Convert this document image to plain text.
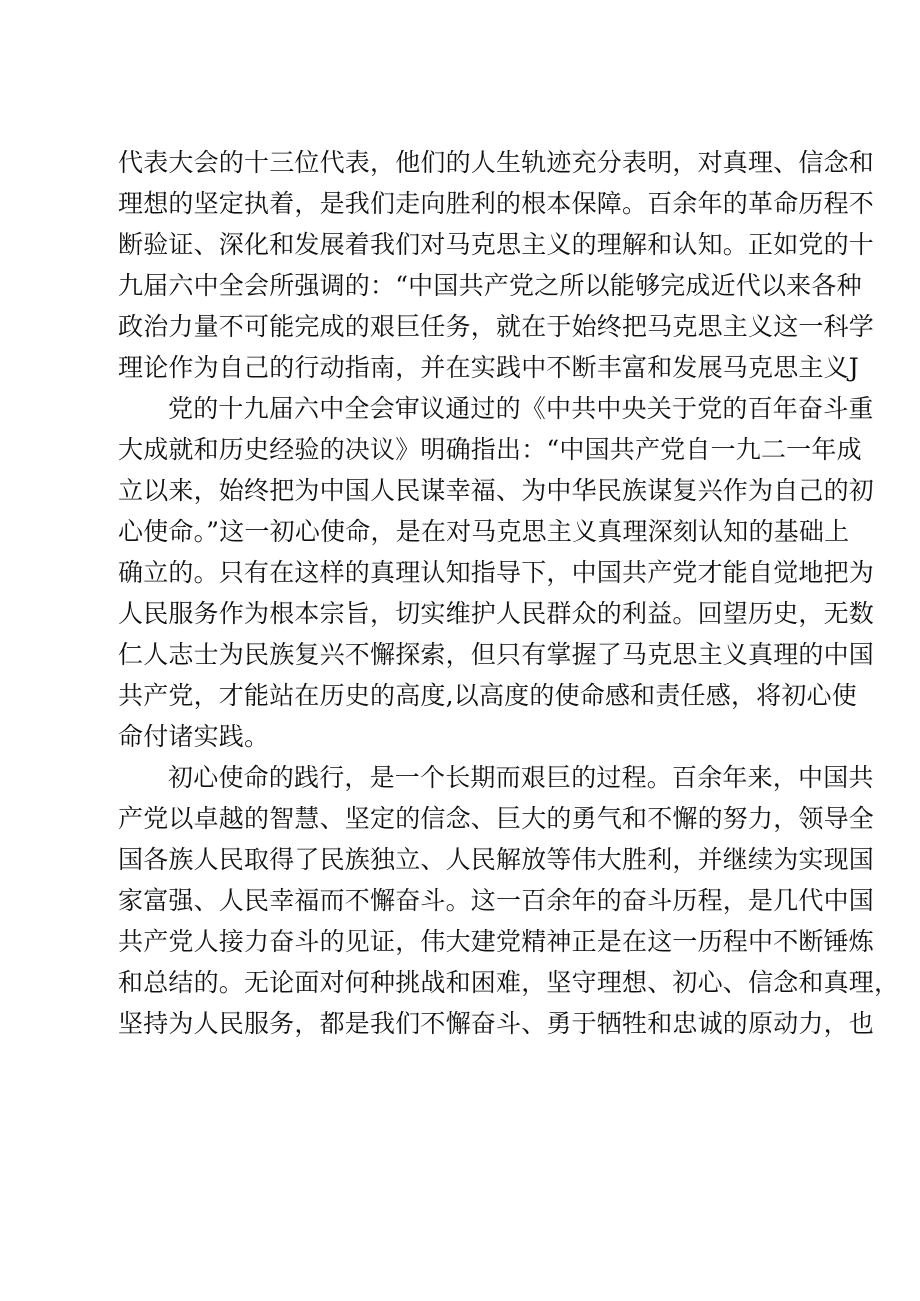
代表大会的十三位代表，他们的人生轨迹充分表明，对真理、信念和
理想的坚定执着，是我们走向胜利的根本保障。百余年的革命历程不
断验证、深化和发展着我们对马克思主义的理解和认知。正如党的十
九届六中全会所强调的：“中国共产党之所以能够完成近代以来各种
政治力量不可能完成的艰巨任务，就在于始终把马克思主义这一科学
理论作为自己的行动指南，并在实践中不断丰富和发展马克思主义J
党的十九届六中全会审议通过的《中共中央关于党的百年奋斗重
大成就和历史经验的决议》明确指出：“中国共产党自一九二一年成
立以来，始终把为中国人民谋幸福、为中华民族谋复兴作为自己的初
心使命。”这一初心使命，是在对马克思主义真理深刻认知的基础上
确立的。只有在这样的真理认知指导下，中国共产党才能自觉地把为
人民服务作为根本宗旨，切实维护人民群众的利益。回望历史，无数
仁人志士为民族复兴不懈探索，但只有掌握了马克思主义真理的中国
共产党，才能站在历史的高度,以高度的使命感和责任感，将初心使
命付诸实践。
初心使命的践行，是一个长期而艰巨的过程。百余年来，中国共
产党以卓越的智慧、坚定的信念、巨大的勇气和不懈的努力，领导全
国各族人民取得了民族独立、人民解放等伟大胜利，并继续为实现国
家富强、人民幸福而不懈奋斗。这一百余年的奋斗历程，是几代中国
共产党人接力奋斗的见证，伟大建党精神正是在这一历程中不断锤炼
和总结的。无论面对何种挑战和困难，坚守理想、初心、信念和真理，
坚持为人民服务，都是我们不懈奋斗、勇于牺牲和忠诚的原动力，也
